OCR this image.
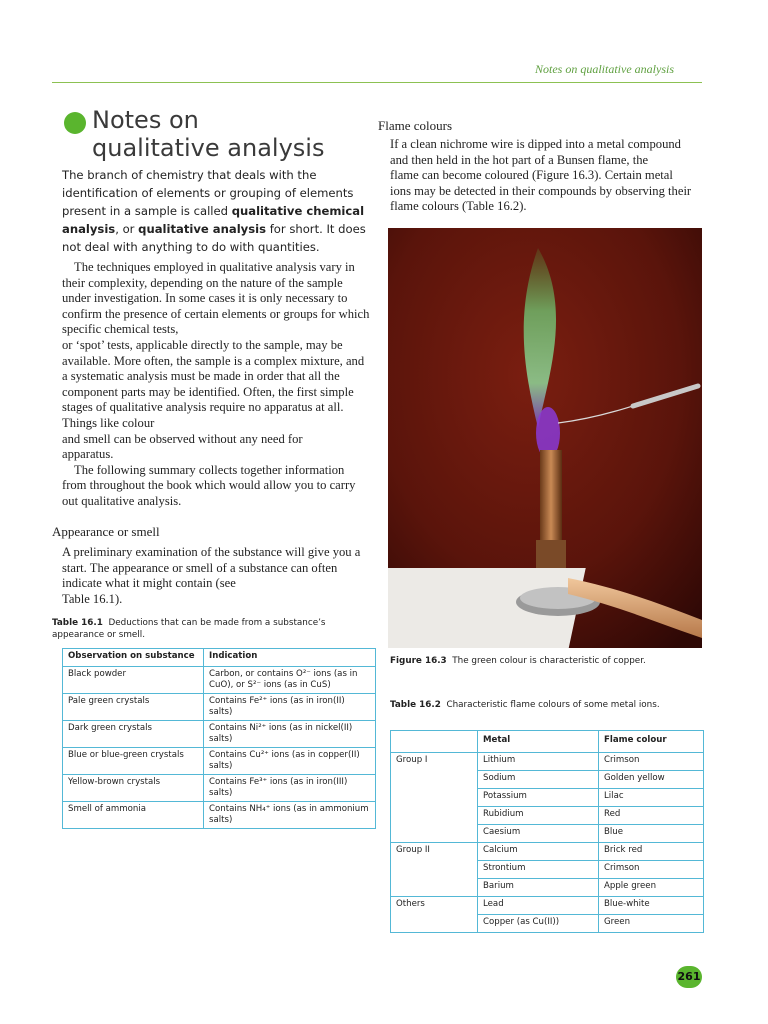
Notes on qualitative analysis
Notes on
qualitative analysis
The branch of chemistry that deals with the identification of elements or grouping of elements present in a sample is called qualitative chemical analysis, or qualitative analysis for short. It does not deal with anything to do with quantities.
The techniques employed in qualitative analysis vary in
their complexity, depending on the nature of the sample
under investigation. In some cases it is only necessary to
confirm the presence of certain elements or groups for which
specific chemical tests,
or ‘spot’ tests, applicable directly to the sample, may be
available. More often, the sample is a complex mixture, and
a systematic analysis must be made in order that all the
component parts may be identified. Often, the first simple
stages of qualitative analysis require no apparatus at all.
Things like colour
and smell can be observed without any need for
apparatus.
The following summary collects together information
from throughout the book which would allow you to carry
out qualitative analysis.
Appearance or smell
A preliminary examination of the substance will give you a
start. The appearance or smell of a substance can often
indicate what it might contain (see
Table 16.1).
Table 16.1 Deductions that can be made from a substance’s appearance or smell.
Observation on substance	Indication
Black powder	Carbon, or contains O²⁻ ions (as in CuO), or S²⁻ ions (as in CuS)
Pale green crystals	Contains Fe²⁺ ions (as in iron(II) salts)
Dark green crystals	Contains Ni²⁺ ions (as in nickel(II) salts)
Blue or blue-green crystals	Contains Cu²⁺ ions (as in copper(II) salts)
Yellow-brown crystals	Contains Fe³⁺ ions (as in iron(III) salts)
Smell of ammonia	Contains NH₄⁺ ions (as in ammonium salts)
Flame colours
If a clean nichrome wire is dipped into a metal compound
and then held in the hot part of a Bunsen flame, the
flame can become coloured (Figure 16.3). Certain metal
ions may be detected in their compounds by observing their
flame colours (Table 16.2).
Figure 16.3 The green colour is characteristic of copper.
Table 16.2 Characteristic flame colours of some metal ions.
	Metal	Flame colour
Group I	Lithium	Crimson
	Sodium	Golden yellow
	Potassium	Lilac
	Rubidium	Red
	Caesium	Blue
Group II	Calcium	Brick red
	Strontium	Crimson
	Barium	Apple green
Others	Lead	Blue-white
	Copper (as Cu(II))	Green
261
